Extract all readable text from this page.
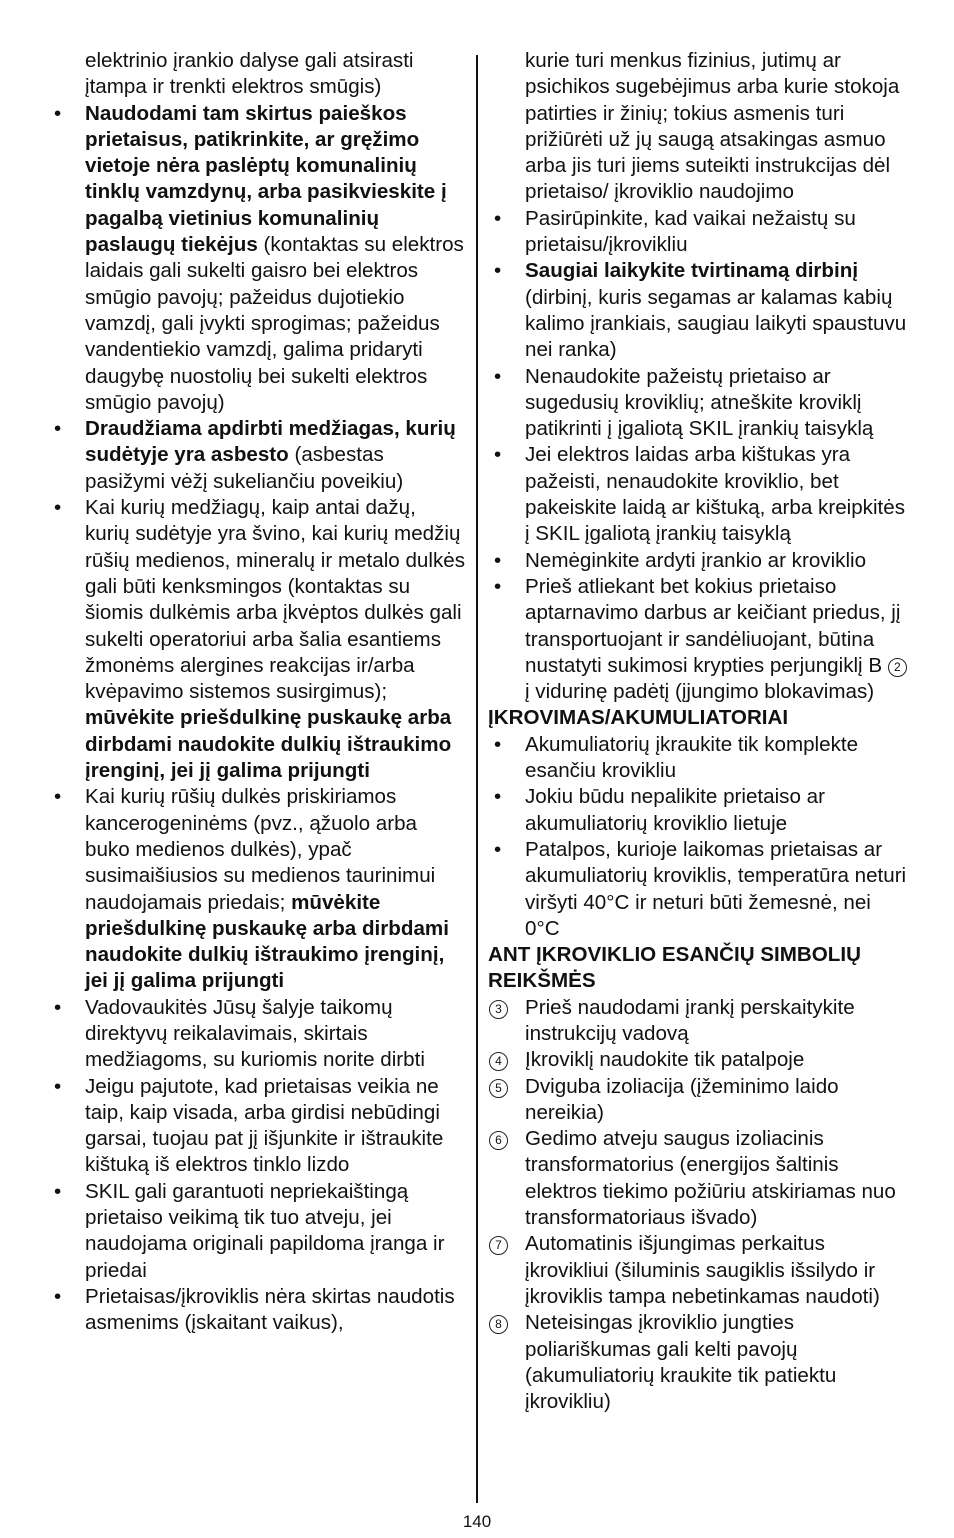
elektrinio įrankio dalyse gali atsirasti įtampa ir trenkti elektros smūgis)

• Naudodami tam skirtus paieškos prietaisus, patikrinkite, ar gręžimo vietoje nėra paslėptų komunalinių tinklų vamzdynų, arba pasikvieskite į pagalbą vietinius komunalinių paslaugų tiekėjus (kontaktas su elektros laidais gali sukelti gaisro bei elektros smūgio pavojų; pažeidus dujotiekio vamzdį, gali įvykti sprogimas; pažeidus vandentiekio vamzdį, galima pridaryti daugybę nuostolių bei sukelti elektros smūgio pavojų)
• Draudžiama apdirbti medžiagas, kurių sudėtyje yra asbesto (asbestas pasižymi vėžį sukeliančiu poveikiu)
• Kai kurių medžiagų, kaip antai dažų, kurių sudėtyje yra švino, kai kurių medžių rūšių medienos, mineralų ir metalo dulkės gali būti kenksmingos (kontaktas su šiomis dulkėmis arba įkvėptos dulkės gali sukelti operatoriui arba šalia esantiems žmonėms alergines reakcijas ir/arba kvėpavimo sistemos susirgimus); mūvėkite priešdulkinę puskaukę arba dirbdami naudokite dulkių ištraukimo įrenginį, jei jį galima prijungti
• Kai kurių rūšių dulkės priskiriamos kancerogeninėms (pvz., ąžuolo arba buko medienos dulkės), ypač susimaišiusios su medienos taurinimui naudojamais priedais; mūvėkite priešdulkinę puskaukę arba dirbdami naudokite dulkių ištraukimo įrenginį, jei jį galima prijungti
• Vadovaukitės Jūsų šalyje taikomų direktyvų reikalavimais, skirtais medžiagoms, su kuriomis norite dirbti
• Jeigu pajutote, kad prietaisas veikia ne taip, kaip visada, arba girdisi nebūdingi garsai, tuojau pat jį išjunkite ir ištraukite kištuką iš elektros tinklo lizdo
• SKIL gali garantuoti nepriekaištingą prietaiso veikimą tik tuo atveju, jei naudojama originali papildoma įranga ir priedai
• Prietaisas/įkroviklis nėra skirtas naudotis asmenims (įskaitant vaikus),

kurie turi menkus fizinius, jutimų ar psichikos sugebėjimus arba kurie stokoja patirties ir žinių; tokius asmenis turi prižiūrėti už jų saugą atsakingas asmuo arba jis turi jiems suteikti instrukcijas dėl prietaiso/ įkroviklio naudojimo

• Pasirūpinkite, kad vaikai nežaistų su prietaisu/įkrovikliu
• Saugiai laikykite tvirtinamą dirbinį (dirbinį, kuris segamas ar kalamas kabių kalimo įrankiais, saugiau laikyti spaustuvu nei ranka)
• Nenaudokite pažeistų prietaiso ar sugedusių kroviklių; atneškite kroviklį patikrinti į įgaliotą SKIL įrankių taisyklą
• Jei elektros laidas arba kištukas yra pažeisti, nenaudokite kroviklio, bet pakeiskite laidą ar kištuką, arba kreipkitės į SKIL įgaliotą įrankių taisyklą
• Nemėginkite ardyti įrankio ar kroviklio
• Prieš atliekant bet kokius prietaiso aptarnavimo darbus ar keičiant priedus, jį transportuojant ir sandėliuojant, būtina nustatyti sukimosi krypties perjungiklį B 2 į vidurinę padėtį (įjungimo blokavimas)

ĮKROVIMAS/AKUMULIATORIAI

• Akumuliatorių įkraukite tik komplekte esančiu krovikliu
• Jokiu būdu nepalikite prietaiso ar akumuliatorių kroviklio lietuje
• Patalpos, kurioje laikomas prietaisas ar akumuliatorių kroviklis, temperatūra neturi viršyti 40°C ir neturi būti žemesnė, nei 0°C

ANT ĮKROVIKLIO ESANČIŲ SIMBOLIŲ REIKŠMĖS

3 Prieš naudodami įrankį perskaitykite instrukcijų vadovą
4 Įkroviklį naudokite tik patalpoje
5 Dviguba izoliacija (įžeminimo laido nereikia)
6 Gedimo atveju saugus izoliacinis transformatorius (energijos šaltinis elektros tiekimo požiūriu atskiriamas nuo transformatoriaus išvado)
7 Automatinis išjungimas perkaitus įkrovikliui (šiluminis saugiklis išsilydo ir įkroviklis tampa nebetinkamas naudoti)
8 Neteisingas įkroviklio jungties poliariškumas gali kelti pavojų (akumuliatorių kraukite tik patiektu įkrovikliu)
140
